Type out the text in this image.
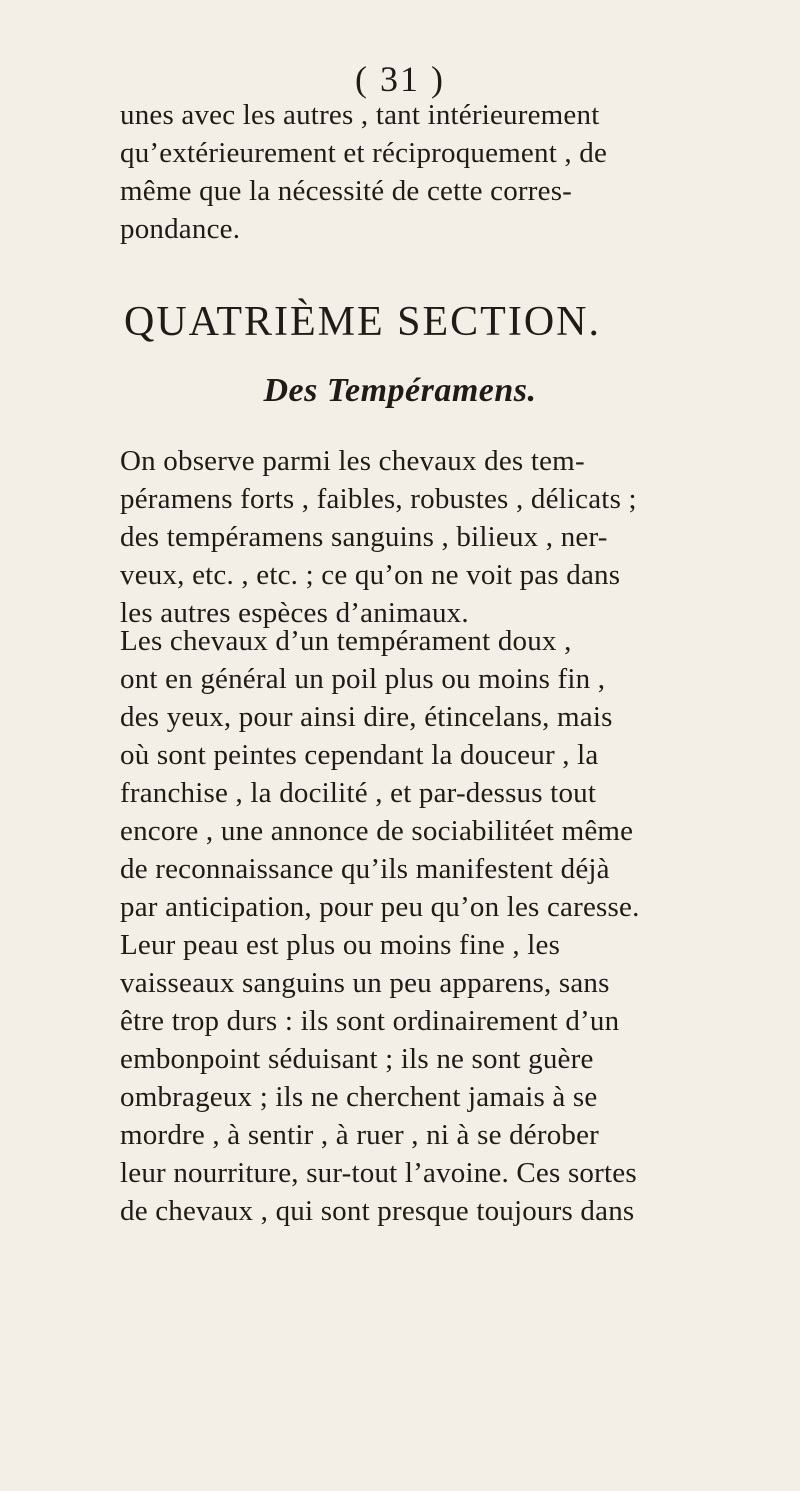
( 31 )
unes avec les autres , tant intérieurement
qu’extérieurement et réciproquement , de
même que la nécessité de cette corres-
pondance.
QUATRIÈME SECTION.
Des Tempéramens.
On observe parmi les chevaux des tem-
péramens forts , faibles, robustes , délicats ;
des tempéramens sanguins , bilieux , ner-
veux, etc. , etc. ; ce qu’on ne voit pas dans
les autres espèces d’animaux.
Les chevaux d’un tempérament doux ,
ont en général un poil plus ou moins fin ,
des yeux, pour ainsi dire, étincelans, mais
où sont peintes cependant la douceur , la
franchise , la docilité , et par-dessus tout
encore , une annonce de sociabilitéet même
de reconnaissance qu’ils manifestent déjà
par anticipation, pour peu qu’on les caresse.
Leur peau est plus ou moins fine , les
vaisseaux sanguins un peu apparens, sans
être trop durs : ils sont ordinairement d’un
embonpoint séduisant ; ils ne sont guère
ombrageux ; ils ne cherchent jamais à se
mordre , à sentir , à ruer , ni à se dérober
leur nourriture, sur-tout l’avoine. Ces sortes
de chevaux , qui sont presque toujours dans
